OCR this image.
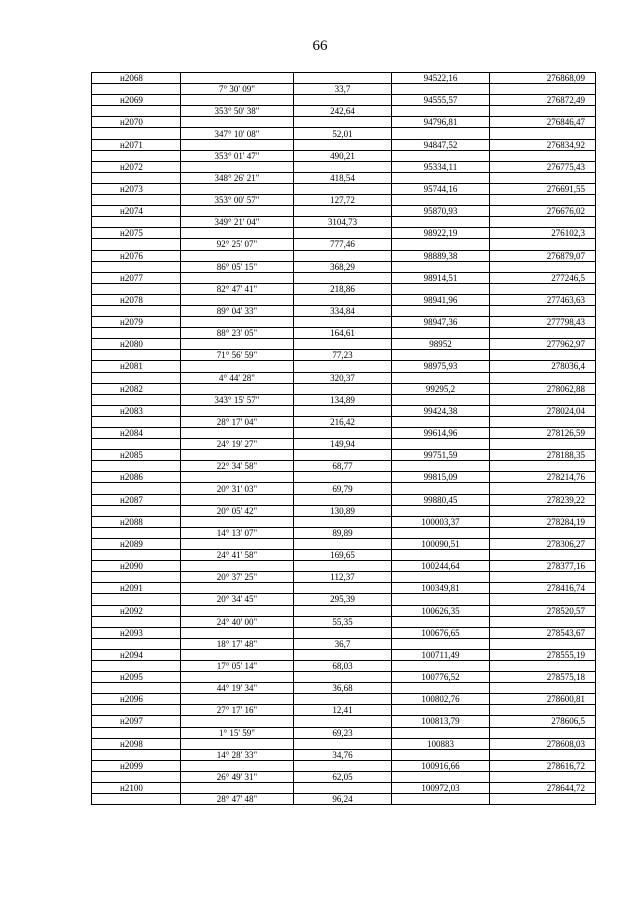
66
н2068			94522,16	276868,09
	7° 30' 09"	33,7		
н2069			94555,57	276872,49
	353° 50' 38"	242,64		
н2070			94796,81	276846,47
	347° 10' 08"	52,01		
н2071			94847,52	276834,92
	353° 01' 47"	490,21		
н2072			95334,11	276775,43
	348° 26' 21"	418,54		
н2073			95744,16	276691,55
	353° 00' 57"	127,72		
н2074			95870,93	276676,02
	349° 21' 04"	3104,73		
н2075			98922,19	276102,3
	92° 25' 07"	777,46		
н2076			98889,38	276879,07
	86° 05' 15"	368,29		
н2077			98914,51	277246,5
	82° 47' 41"	218,86		
н2078			98941,96	277463,63
	89° 04' 33"	334,84		
н2079			98947,36	277798,43
	88° 23' 05"	164,61		
н2080			98952	277962,97
	71° 56' 59"	77,23		
н2081			98975,93	278036,4
	4° 44' 28"	320,37		
н2082			99295,2	278062,88
	343° 15' 57"	134,89		
н2083			99424,38	278024,04
	28° 17' 04"	216,42		
н2084			99614,96	278126,59
	24° 19' 27"	149,94		
н2085			99751,59	278188,35
	22° 34' 58"	68,77		
н2086			99815,09	278214,76
	20° 31' 03"	69,79		
н2087			99880,45	278239,22
	20° 05' 42"	130,89		
н2088			100003,37	278284,19
	14° 13' 07"	89,89		
н2089			100090,51	278306,27
	24° 41' 58"	169,65		
н2090			100244,64	278377,16
	20° 37' 25"	112,37		
н2091			100349,81	278416,74
	20° 34' 45"	295,39		
н2092			100626,35	278520,57
	24° 40' 00"	55,35		
н2093			100676,65	278543,67
	18° 17' 48"	36,7		
н2094			100711,49	278555,19
	17° 05' 14"	68,03		
н2095			100776,52	278575,18
	44° 19' 34"	36,68		
н2096			100802,76	278600,81
	27° 17' 16"	12,41		
н2097			100813,79	278606,5
	1° 15' 59"	69,23		
н2098			100883	278608,03
	14° 28' 33"	34,76		
н2099			100916,66	278616,72
	26° 49' 31"	62,05		
н2100			100972,03	278644,72
	28° 47' 48"	96,24		
